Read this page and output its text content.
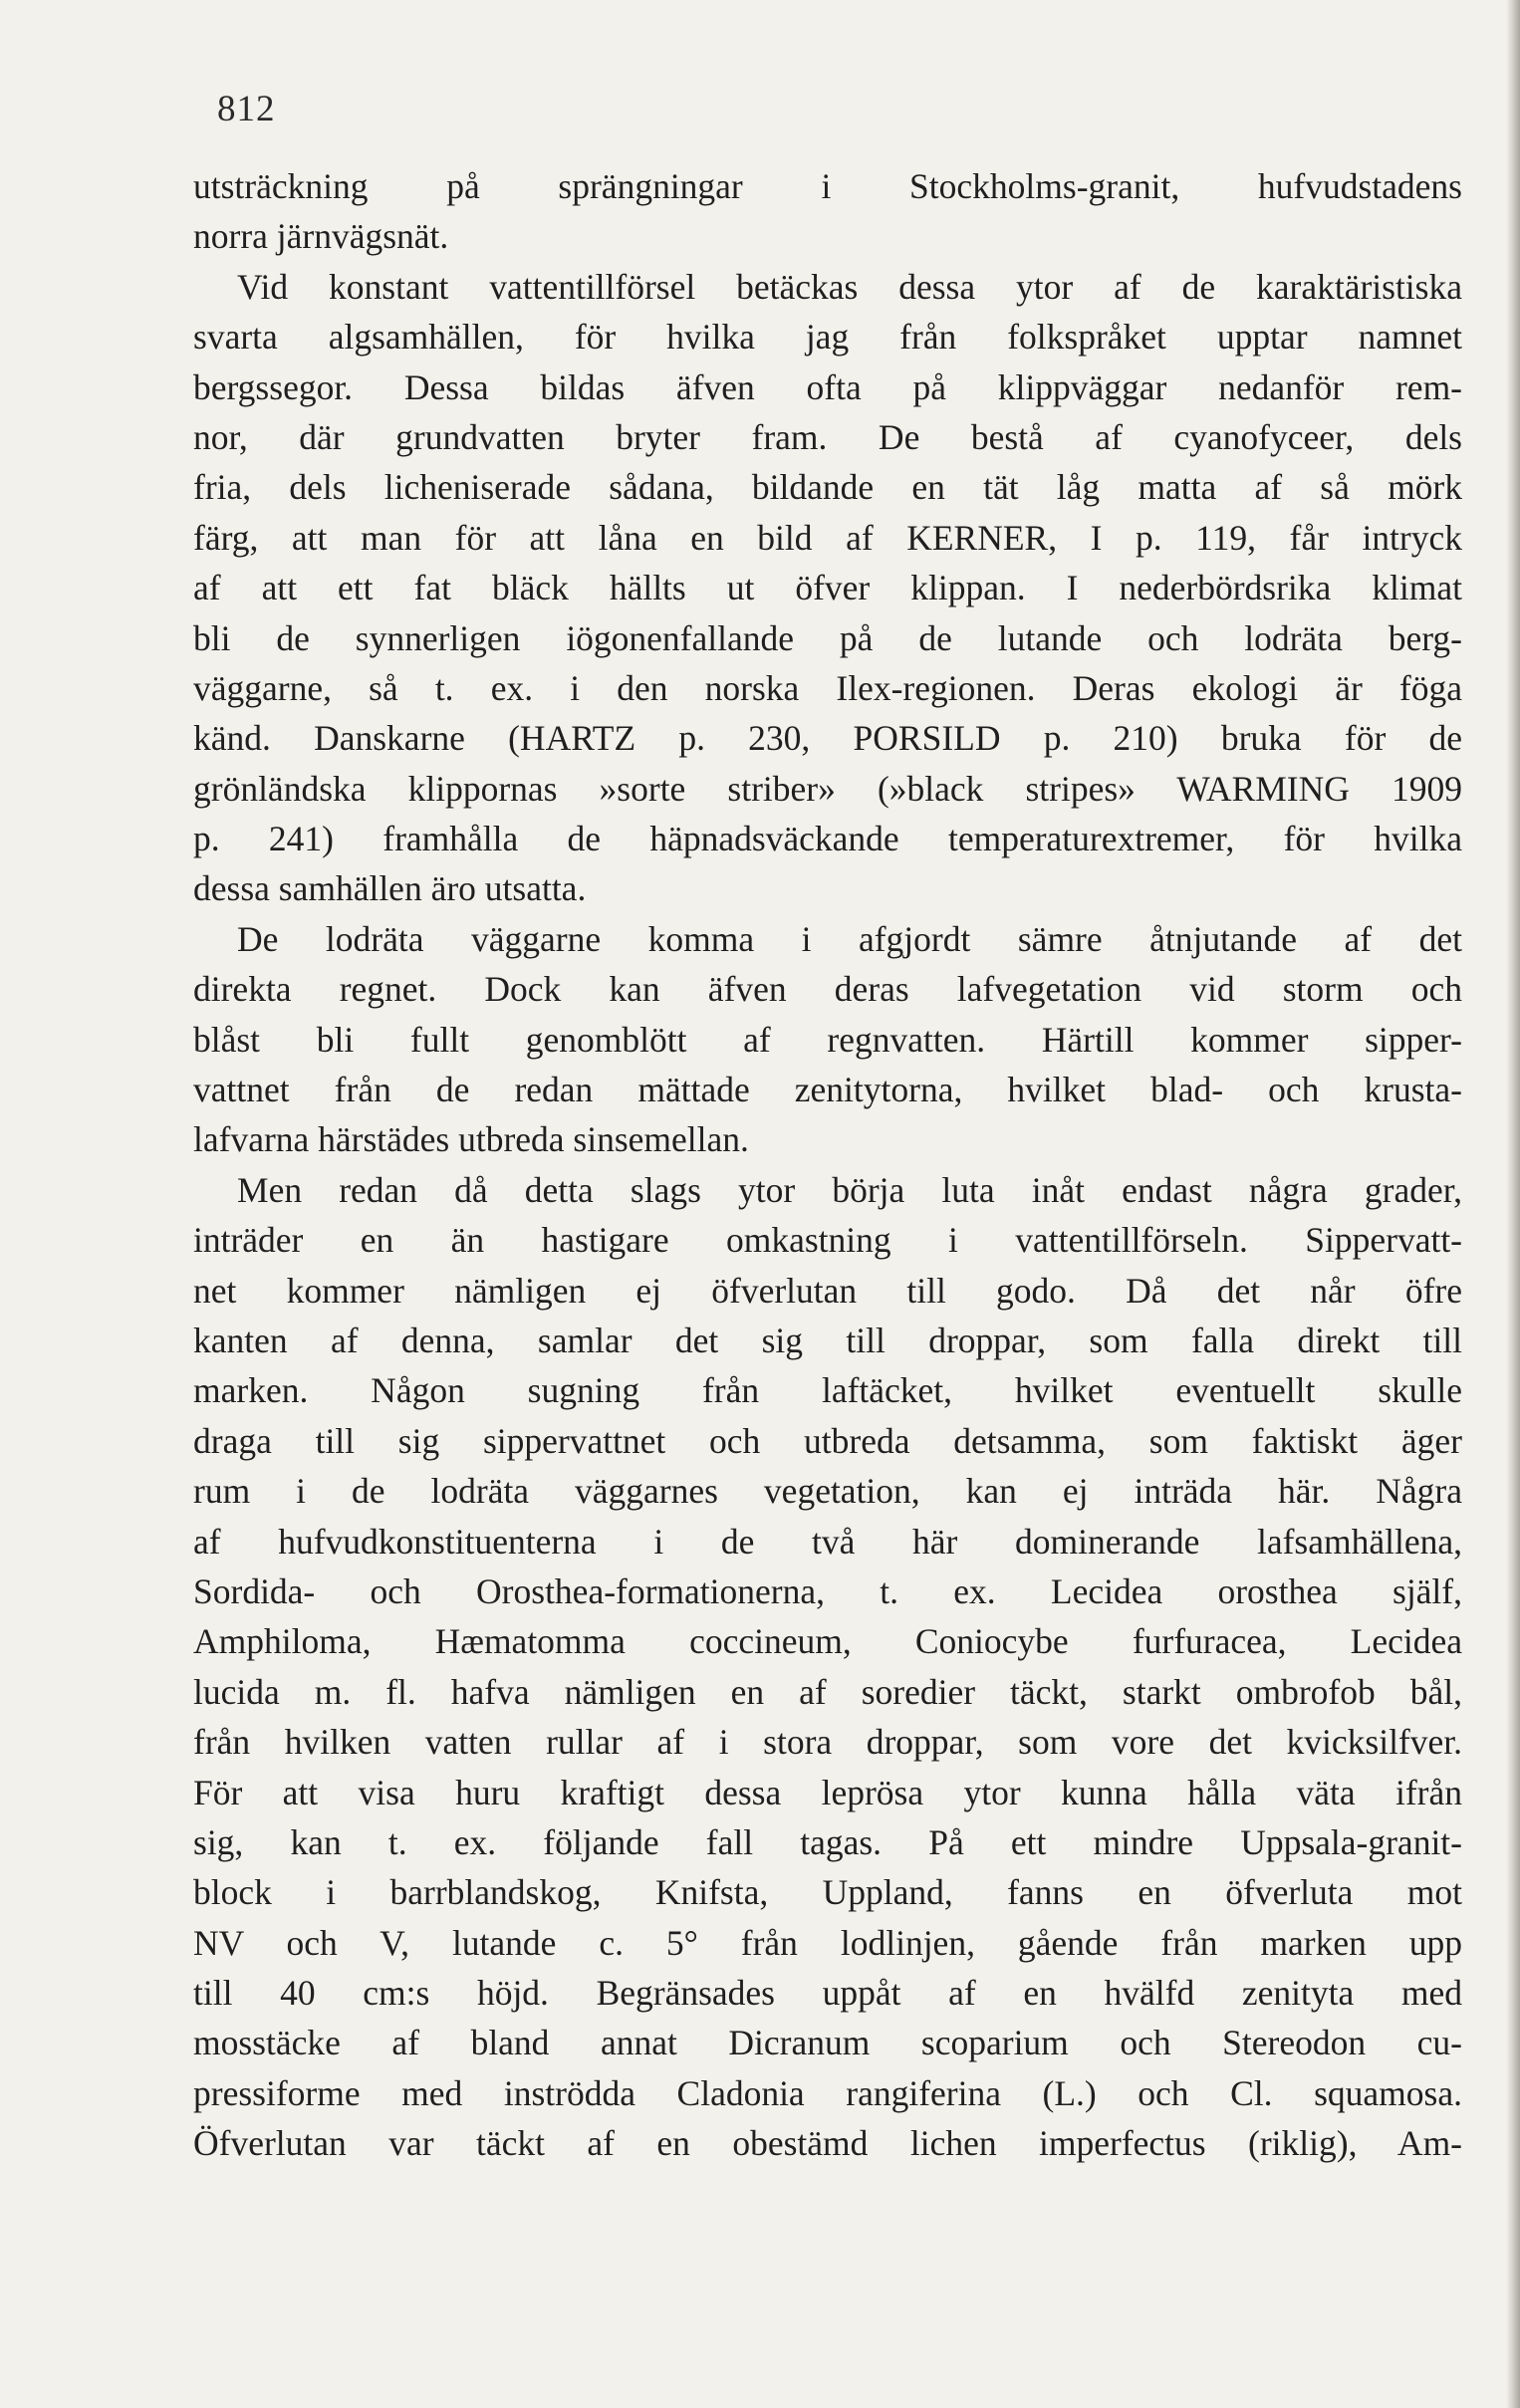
812
utsträckning på sprängningar i Stockholms-granit, hufvudstadens
norra järnvägsnät.
Vid konstant vattentillförsel betäckas dessa ytor af de karaktäristiska
svarta algsamhällen, för hvilka jag från folkspråket upptar namnet
bergssegor. Dessa bildas äfven ofta på klippväggar nedanför rem-
nor, där grundvatten bryter fram. De bestå af cyanofyceer, dels
fria, dels licheniserade sådana, bildande en tät låg matta af så mörk
färg, att man för att låna en bild af KERNER, I p. 119, får intryck
af att ett fat bläck hällts ut öfver klippan. I nederbördsrika klimat
bli de synnerligen iögonenfallande på de lutande och lodräta berg-
väggarne, så t. ex. i den norska Ilex-regionen. Deras ekologi är föga
känd. Danskarne (HARTZ p. 230, PORSILD p. 210) bruka för de
grönländska klippornas »sorte striber» (»black stripes» WARMING 1909
p. 241) framhålla de häpnadsväckande temperaturextremer, för hvilka
dessa samhällen äro utsatta.
De lodräta väggarne komma i afgjordt sämre åtnjutande af det
direkta regnet. Dock kan äfven deras lafvegetation vid storm och
blåst bli fullt genomblött af regnvatten. Härtill kommer sipper-
vattnet från de redan mättade zenitytorna, hvilket blad- och krusta-
lafvarna härstädes utbreda sinsemellan.
Men redan då detta slags ytor börja luta inåt endast några grader,
inträder en än hastigare omkastning i vattentillförseln. Sippervatt-
net kommer nämligen ej öfverlutan till godo. Då det når öfre
kanten af denna, samlar det sig till droppar, som falla direkt till
marken. Någon sugning från laftäcket, hvilket eventuellt skulle
draga till sig sippervattnet och utbreda detsamma, som faktiskt äger
rum i de lodräta väggarnes vegetation, kan ej inträda här. Några
af hufvudkonstituenterna i de två här dominerande lafsamhällena,
Sordida- och Orosthea-formationerna, t. ex. Lecidea orosthea själf,
Amphiloma, Hæmatomma coccineum, Coniocybe furfuracea, Lecidea
lucida m. fl. hafva nämligen en af soredier täckt, starkt ombrofob bål,
från hvilken vatten rullar af i stora droppar, som vore det kvicksilfver.
För att visa huru kraftigt dessa leprösa ytor kunna hålla väta ifrån
sig, kan t. ex. följande fall tagas. På ett mindre Uppsala-granit-
block i barrblandskog, Knifsta, Uppland, fanns en öfverluta mot
NV och V, lutande c. 5° från lodlinjen, gående från marken upp
till 40 cm:s höjd. Begränsades uppåt af en hvälfd zenityta med
mosstäcke af bland annat Dicranum scoparium och Stereodon cu-
pressiforme med inströdda Cladonia rangiferina (L.) och Cl. squamosa.
Öfverlutan var täckt af en obestämd lichen imperfectus (riklig), Am-
